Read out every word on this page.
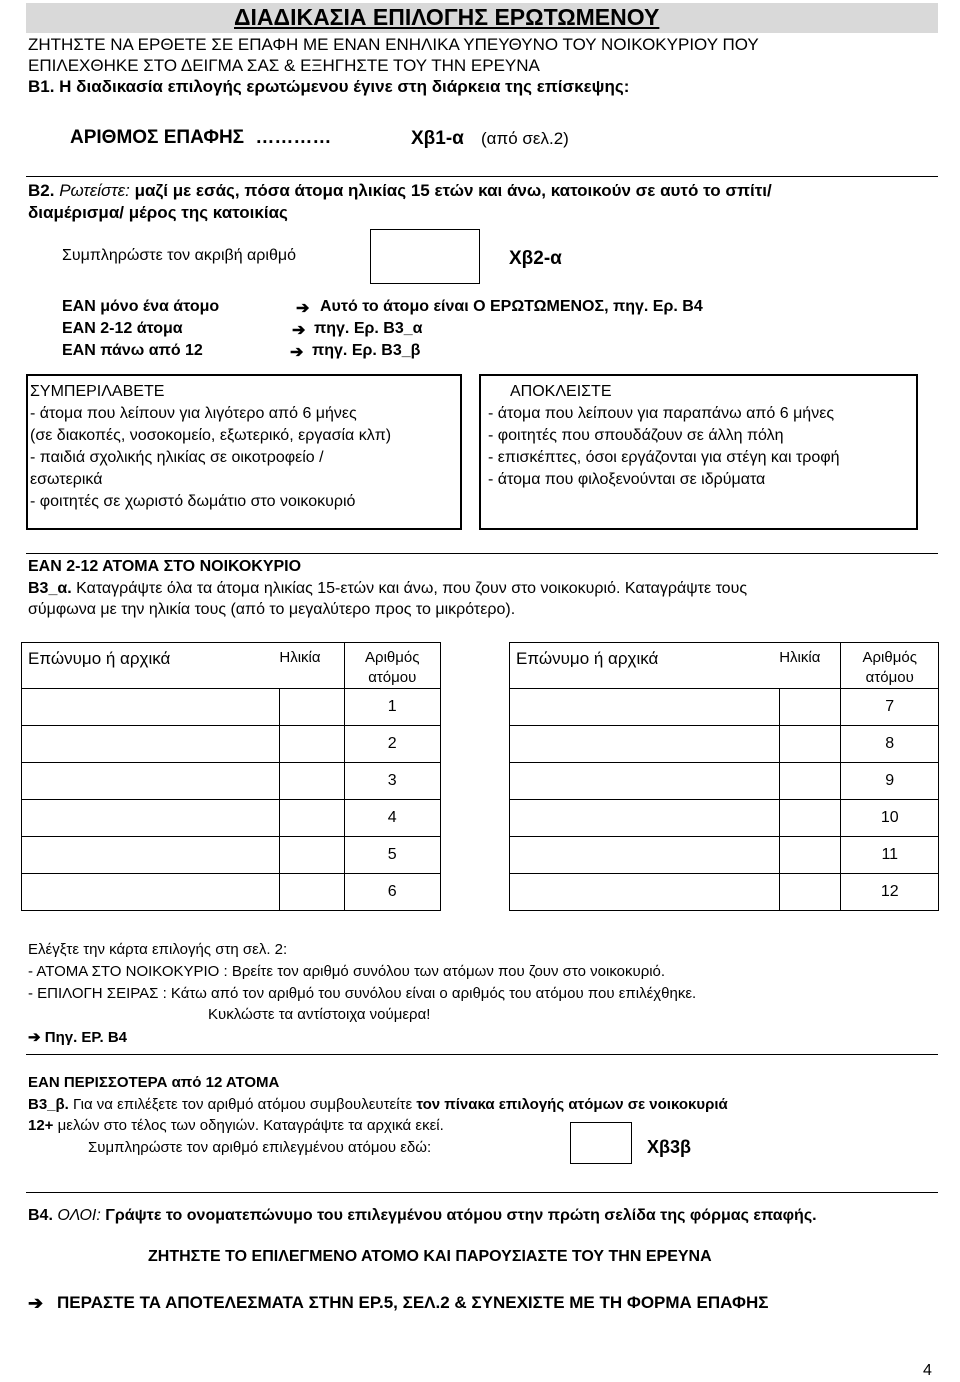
ΔΙΑΔΙΚΑΣΙΑ ΕΠΙΛΟΓΗΣ ΕΡΩΤΩΜΕΝΟΥ
ΖΗΤΗΣΤΕ ΝΑ ΕΡΘΕΤΕ ΣΕ ΕΠΑΦΗ ΜΕ ΕΝΑΝ ΕΝΗΛΙΚΑ ΥΠΕΥΘΥΝΟ ΤΟΥ ΝΟΙΚΟΚΥΡΙΟΥ ΠΟΥ
ΕΠΙΛΕΧΘΗΚΕ ΣΤΟ ΔΕΙΓΜΑ ΣΑΣ & ΕΞΗΓΗΣΤΕ ΤΟΥ ΤΗΝ ΕΡΕΥΝΑ
Β1. Η διαδικασία επιλογής ερωτώμενου έγινε στη διάρκεια της επίσκεψης:
ΑΡΙΘΜΟΣ ΕΠΑΦΗΣ …………	Χβ1-α (από σελ.2)
Β2. Ρωτείστε: μαζί με εσάς, πόσα άτομα ηλικίας 15 ετών και άνω, κατοικούν σε αυτό το σπίτι/
διαμέρισμα/ μέρος της κατοικίας
Συμπληρώστε τον ακριβή αριθμό	Χβ2-α
ΕΑΝ μόνο ένα άτομο	➔ Αυτό το άτομο είναι Ο ΕΡΩΤΩΜΕΝΟΣ, πηγ. Ερ. Β4
ΕΑΝ 2-12 άτομα	➔ πηγ. Ερ. Β3_α
ΕΑΝ πάνω από 12	➔ πηγ. Ερ. Β3_β
ΣΥΜΠΕΡΙΛΑΒΕΤΕ
- άτομα που λείπουν για λιγότερο από 6 μήνες
(σε διακοπές, νοσοκομείο, εξωτερικό, εργασία κλπ)
- παιδιά σχολικής ηλικίας σε οικοτροφείο /
εσωτερικά
- φοιτητές σε χωριστό δωμάτιο στο νοικοκυριό
ΑΠΟΚΛΕΙΣΤΕ
- άτομα που λείπουν για παραπάνω από 6 μήνες
- φοιτητές που σπουδάζουν σε άλλη πόλη
- επισκέπτες, όσοι εργάζονται για στέγη και τροφή
- άτομα που φιλοξενούνται σε ιδρύματα
ΕΑΝ 2-12 ΑΤΟΜΑ ΣΤΟ ΝΟΙΚΟΚΥΡΙΟ
Β3_α. Καταγράψτε όλα τα άτομα ηλικίας 15-ετών και άνω, που ζουν στο νοικοκυριό. Καταγράψτε τους
σύμφωνα με την ηλικία τους (από το μεγαλύτερο προς το μικρότερο).
Επώνυμο ή αρχικά	Ηλικία	Αριθμός
ατόμου
		1
		2
		3
		4
		5
		6
Επώνυμο ή αρχικά	Ηλικία	Αριθμός
ατόμου
		7
		8
		9
		10
		11
		12
Ελέγξτε την κάρτα επιλογής στη σελ. 2:
- ΑΤΟΜΑ ΣΤΟ ΝΟΙΚΟΚΥΡΙΟ : Βρείτε τον αριθμό συνόλου των ατόμων που ζουν στο νοικοκυριό.
- ΕΠΙΛΟΓΗ ΣΕΙΡΑΣ : Κάτω από τον αριθμό του συνόλου είναι ο αριθμός του ατόμου που επιλέχθηκε.
Κυκλώστε τα αντίστοιχα νούμερα!
➔ Πηγ. ΕΡ. Β4
ΕΑΝ ΠΕΡΙΣΣΟΤΕΡΑ από 12 ΑΤΟΜΑ
Β3_β. Για να επιλέξετε τον αριθμό ατόμου συμβουλευτείτε τον πίνακα επιλογής ατόμων σε νοικοκυριά
12+ μελών στο τέλος των οδηγιών. Καταγράψτε τα αρχικά εκεί.
Συμπληρώστε τον αριθμό επιλεγμένου ατόμου εδώ:	Χβ3β
Β4. ΟΛΟΙ: Γράψτε το ονοματεπώνυμο του επιλεγμένου ατόμου στην πρώτη σελίδα της φόρμας επαφής.
ΖΗΤΗΣΤΕ ΤΟ ΕΠΙΛΕΓΜΕΝΟ ΑΤΟΜΟ ΚΑΙ ΠΑΡΟΥΣΙΑΣΤΕ ΤΟΥ ΤΗΝ ΕΡΕΥΝΑ
➔ ΠΕΡΑΣΤΕ ΤΑ ΑΠΟΤΕΛΕΣΜΑΤΑ ΣΤΗΝ ΕΡ.5, ΣΕΛ.2 & ΣΥΝΕΧΙΣΤΕ ΜΕ ΤΗ ΦΟΡΜΑ ΕΠΑΦΗΣ
4
